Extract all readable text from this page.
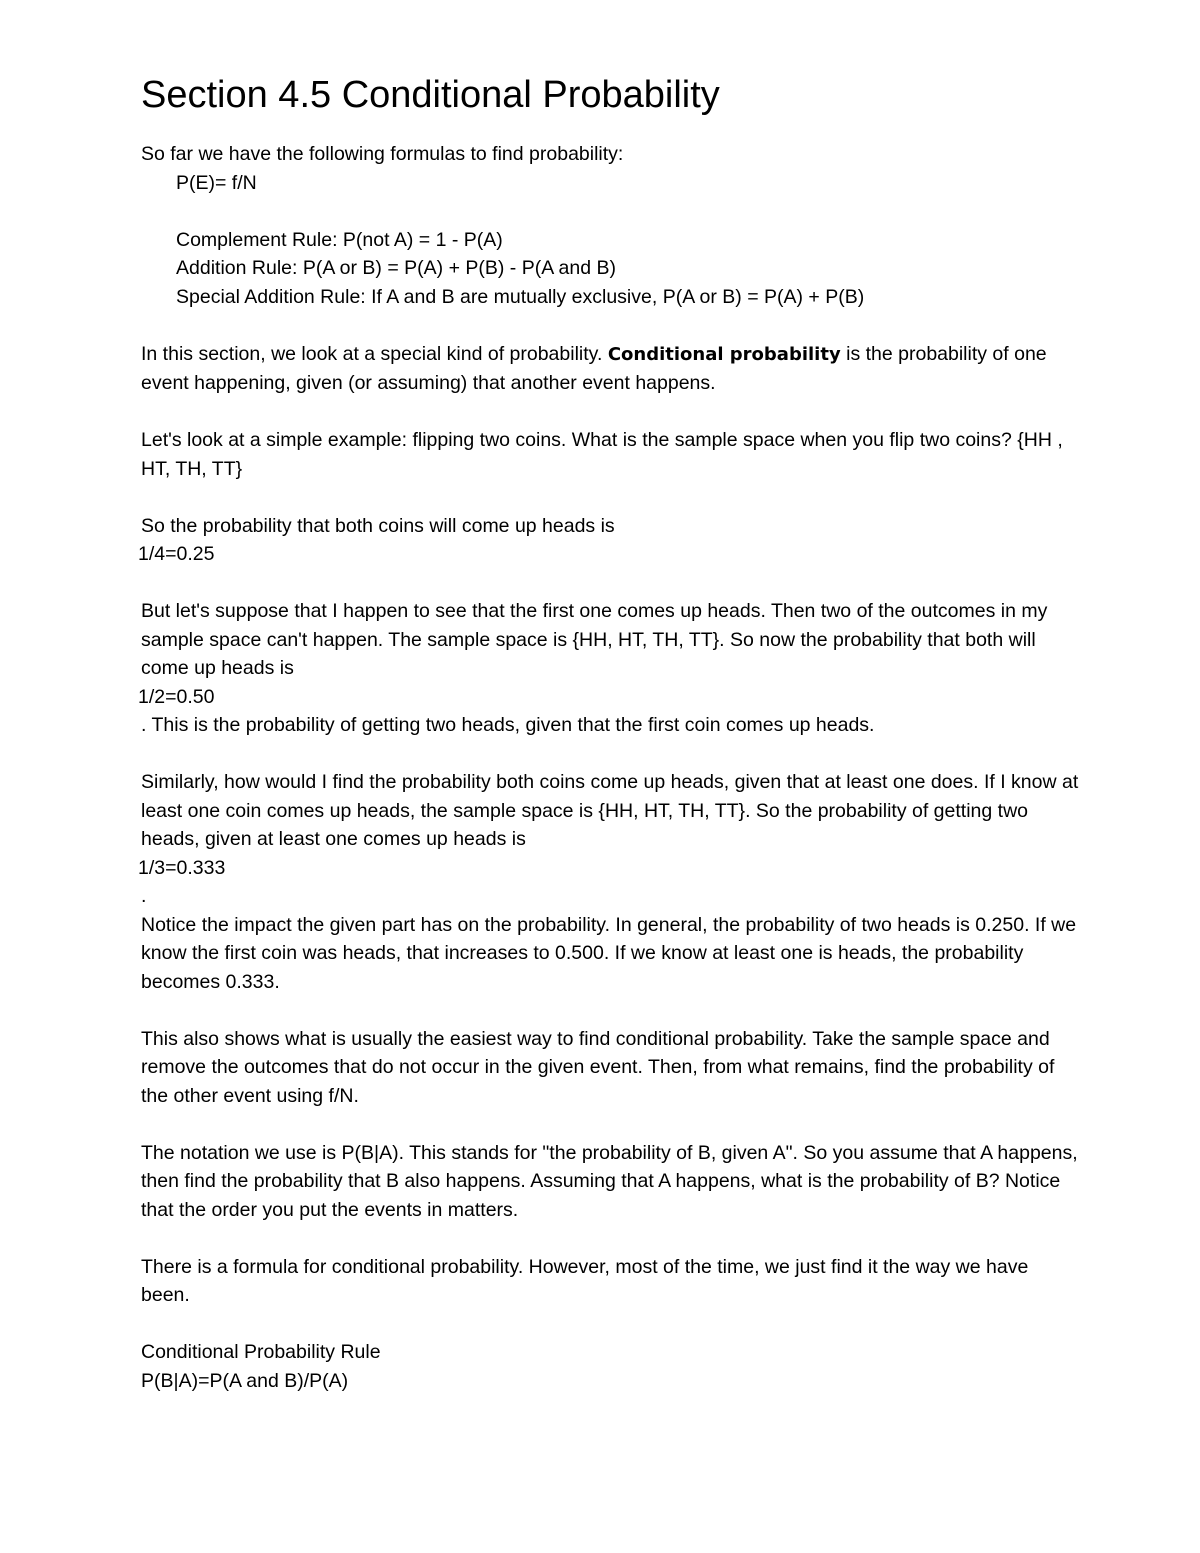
Section 4.5 Conditional Probability

So far we have the following formulas to find probability:

P(E)= f/N

Complement Rule: P(not A) = 1 - P(A)

Addition Rule: P(A or B) = P(A) + P(B) - P(A and B)

Special Addition Rule: If A and B are mutually exclusive, P(A or B) = P(A) + P(B)

In this section, we look at a special kind of probability. Conditional probability is the probability of one event happening, given (or assuming) that another event happens.

Let's look at a simple example: flipping two coins. What is the sample space when you flip two coins? {HH , HT, TH, TT}

So the probability that both coins will come up heads is

1/4=0.25

But let's suppose that I happen to see that the first one comes up heads. Then two of the outcomes in my sample space can't happen. The sample space is {HH, HT, TH, TT}. So now the probability that both will come up heads is

1/2=0.50

. This is the probability of getting two heads, given that the first coin comes up heads.

Similarly, how would I find the probability both coins come up heads, given that at least one does. If I know at least one coin comes up heads, the sample space is {HH, HT, TH, TT}. So the probability of getting two heads, given at least one comes up heads is

1/3=0.333

.

Notice the impact the given part has on the probability. In general, the probability of two heads is 0.250. If we know the first coin was heads, that increases to 0.500. If we know at least one is heads, the probability becomes 0.333.

This also shows what is usually the easiest way to find conditional probability. Take the sample space and remove the outcomes that do not occur in the given event. Then, from what remains, find the probability of the other event using f/N.

The notation we use is P(B|A). This stands for "the probability of B, given A". So you assume that A happens, then find the probability that B also happens. Assuming that A happens, what is the probability of B? Notice that the order you put the events in matters.

There is a formula for conditional probability. However, most of the time, we just find it the way we have been.

Conditional Probability Rule

P(B|A)=P(A and B)/P(A)
